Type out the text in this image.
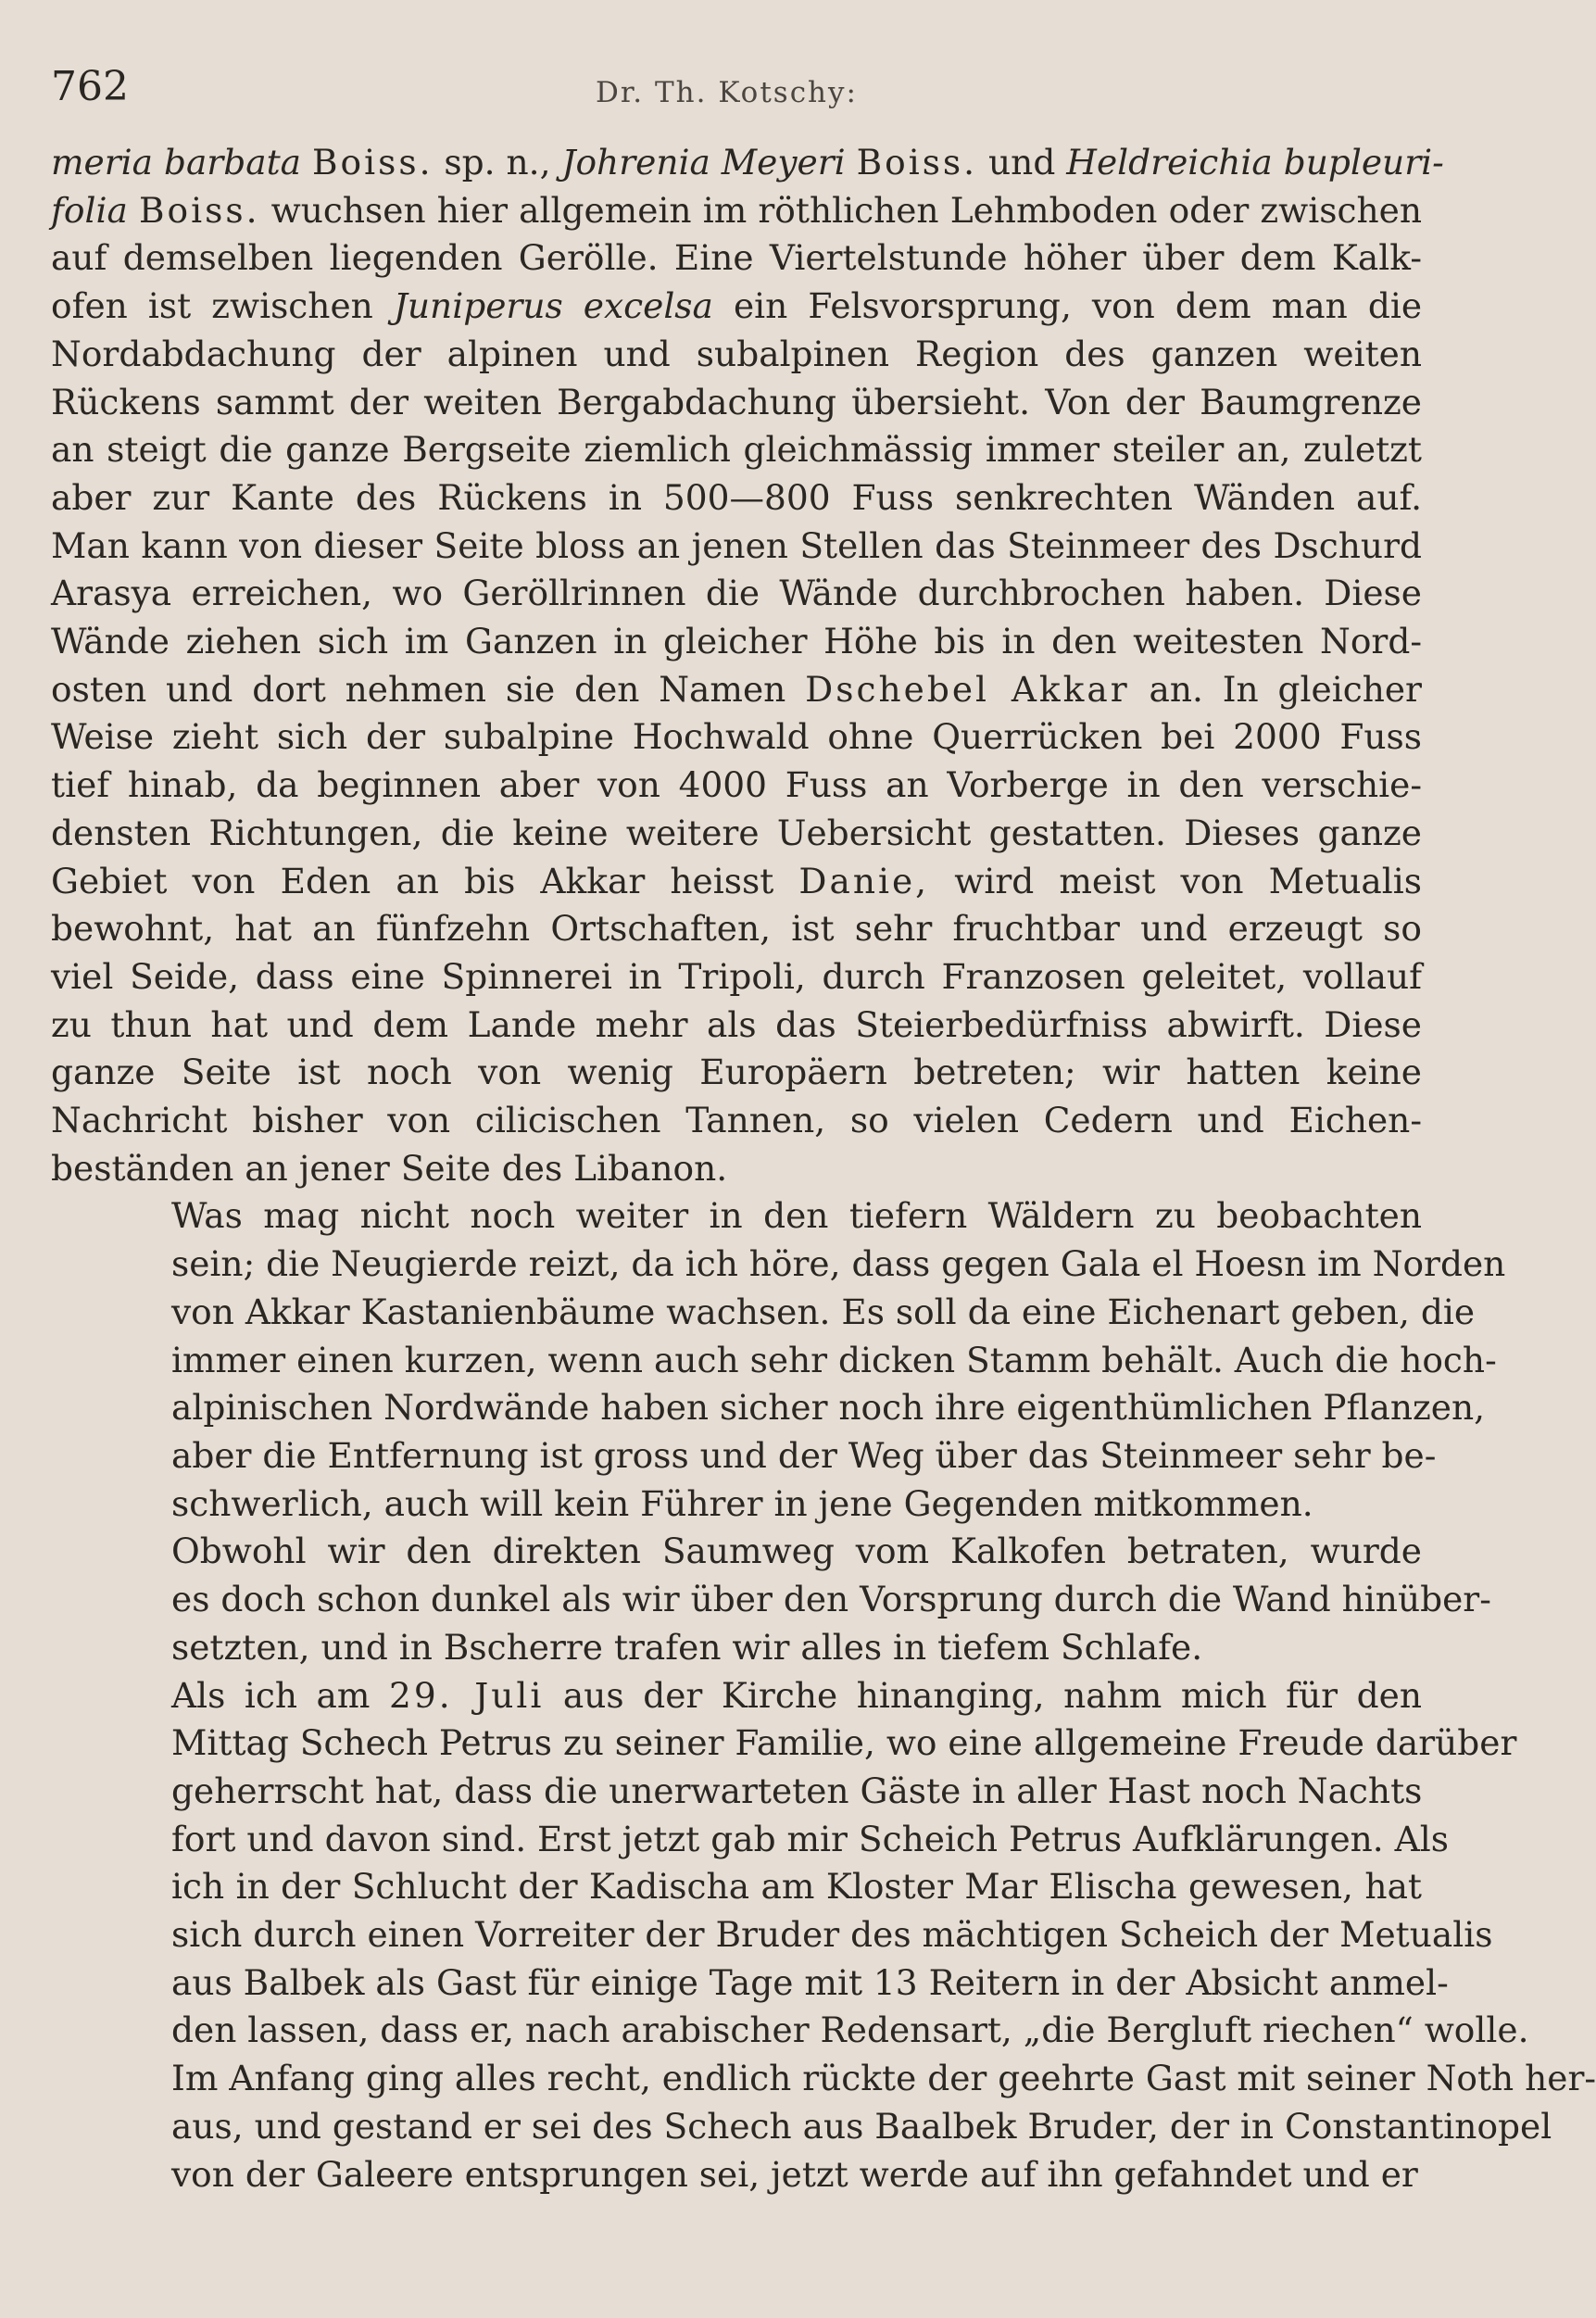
762	Dr. Th. Kotschy:

meria barbata Boiss. sp. n., Johrenia Meyeri Boiss. und Heldreichia bupleuri-
folia Boiss. wuchsen hier allgemein im röthlichen Lehmboden oder zwischen
auf demselben liegenden Gerölle. Eine Viertelstunde höher über dem Kalk-
ofen ist zwischen Juniperus excelsa ein Felsvorsprung, von dem man die
Nordabdachung der alpinen und subalpinen Region des ganzen weiten
Rückens sammt der weiten Bergabdachung übersieht. Von der Baumgrenze
an steigt die ganze Bergseite ziemlich gleichmässig immer steiler an, zuletzt
aber zur Kante des Rückens in 500—800 Fuss senkrechten Wänden auf.
Man kann von dieser Seite bloss an jenen Stellen das Steinmeer des Dschurd
Arasya erreichen, wo Geröllrinnen die Wände durchbrochen haben. Diese
Wände ziehen sich im Ganzen in gleicher Höhe bis in den weitesten Nord-
osten und dort nehmen sie den Namen Dschebel Akkar an. In gleicher
Weise zieht sich der subalpine Hochwald ohne Querrücken bei 2000 Fuss
tief hinab, da beginnen aber von 4000 Fuss an Vorberge in den verschie-
densten Richtungen, die keine weitere Uebersicht gestatten. Dieses ganze
Gebiet von Eden an bis Akkar heisst Danie, wird meist von Metualis
bewohnt, hat an fünfzehn Ortschaften, ist sehr fruchtbar und erzeugt so
viel Seide, dass eine Spinnerei in Tripoli, durch Franzosen geleitet, vollauf
zu thun hat und dem Lande mehr als das Steierbedürfniss abwirft. Diese
ganze Seite ist noch von wenig Europäern betreten; wir hatten keine
Nachricht bisher von cilicischen Tannen, so vielen Cedern und Eichen-
beständen an jener Seite des Libanon.

Was mag nicht noch weiter in den tiefern Wäldern zu beobachten
sein; die Neugierde reizt, da ich höre, dass gegen Gala el Hoesn im Norden
von Akkar Kastanienbäume wachsen. Es soll da eine Eichenart geben, die
immer einen kurzen, wenn auch sehr dicken Stamm behält. Auch die hoch-
alpinischen Nordwände haben sicher noch ihre eigenthümlichen Pflanzen,
aber die Entfernung ist gross und der Weg über das Steinmeer sehr be-
schwerlich, auch will kein Führer in jene Gegenden mitkommen.

Obwohl wir den direkten Saumweg vom Kalkofen betraten, wurde
es doch schon dunkel als wir über den Vorsprung durch die Wand hinüber-
setzten, und in Bscherre trafen wir alles in tiefem Schlafe.

Als ich am 29. Juli aus der Kirche hinanging, nahm mich für den
Mittag Schech Petrus zu seiner Familie, wo eine allgemeine Freude darüber
geherrscht hat, dass die unerwarteten Gäste in aller Hast noch Nachts
fort und davon sind. Erst jetzt gab mir Scheich Petrus Aufklärungen. Als
ich in der Schlucht der Kadischa am Kloster Mar Elischa gewesen, hat
sich durch einen Vorreiter der Bruder des mächtigen Scheich der Metualis
aus Balbek als Gast für einige Tage mit 13 Reitern in der Absicht anmel-
den lassen, dass er, nach arabischer Redensart, „die Bergluft riechen“ wolle.
Im Anfang ging alles recht, endlich rückte der geehrte Gast mit seiner Noth her-
aus, und gestand er sei des Schech aus Baalbek Bruder, der in Constantinopel
von der Galeere entsprungen sei, jetzt werde auf ihn gefahndet und er
